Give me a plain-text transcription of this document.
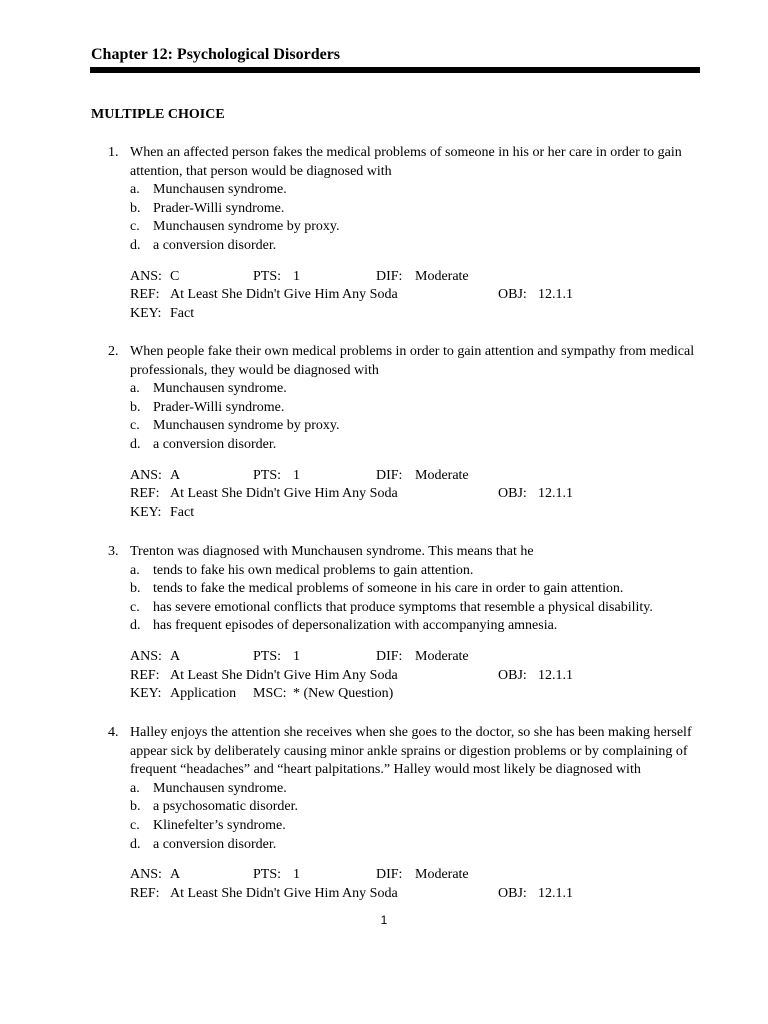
Chapter 12: Psychological Disorders
MULTIPLE CHOICE
1. When an affected person fakes the medical problems of someone in his or her care in order to gain
attention, that person would be diagnosed with
a. Munchausen syndrome.
b. Prader-Willi syndrome.
c. Munchausen syndrome by proxy.
d. a conversion disorder.
ANS: C	PTS: 1	DIF: Moderate
REF: At Least She Didn't Give Him Any Soda	OBJ: 12.1.1
KEY: Fact
2. When people fake their own medical problems in order to gain attention and sympathy from medical
professionals, they would be diagnosed with
a. Munchausen syndrome.
b. Prader-Willi syndrome.
c. Munchausen syndrome by proxy.
d. a conversion disorder.
ANS: A	PTS: 1	DIF: Moderate
REF: At Least She Didn't Give Him Any Soda	OBJ: 12.1.1
KEY: Fact
3. Trenton was diagnosed with Munchausen syndrome. This means that he
a. tends to fake his own medical problems to gain attention.
b. tends to fake the medical problems of someone in his care in order to gain attention.
c. has severe emotional conflicts that produce symptoms that resemble a physical disability.
d. has frequent episodes of depersonalization with accompanying amnesia.
ANS: A	PTS: 1	DIF: Moderate
REF: At Least She Didn't Give Him Any Soda	OBJ: 12.1.1
KEY: Application MSC: * (New Question)
4. Halley enjoys the attention she receives when she goes to the doctor, so she has been making herself
appear sick by deliberately causing minor ankle sprains or digestion problems or by complaining of
frequent “headaches” and “heart palpitations.” Halley would most likely be diagnosed with
a. Munchausen syndrome.
b. a psychosomatic disorder.
c. Klinefelter’s syndrome.
d. a conversion disorder.
ANS: A	PTS: 1	DIF: Moderate
REF: At Least She Didn't Give Him Any Soda	OBJ: 12.1.1
1
